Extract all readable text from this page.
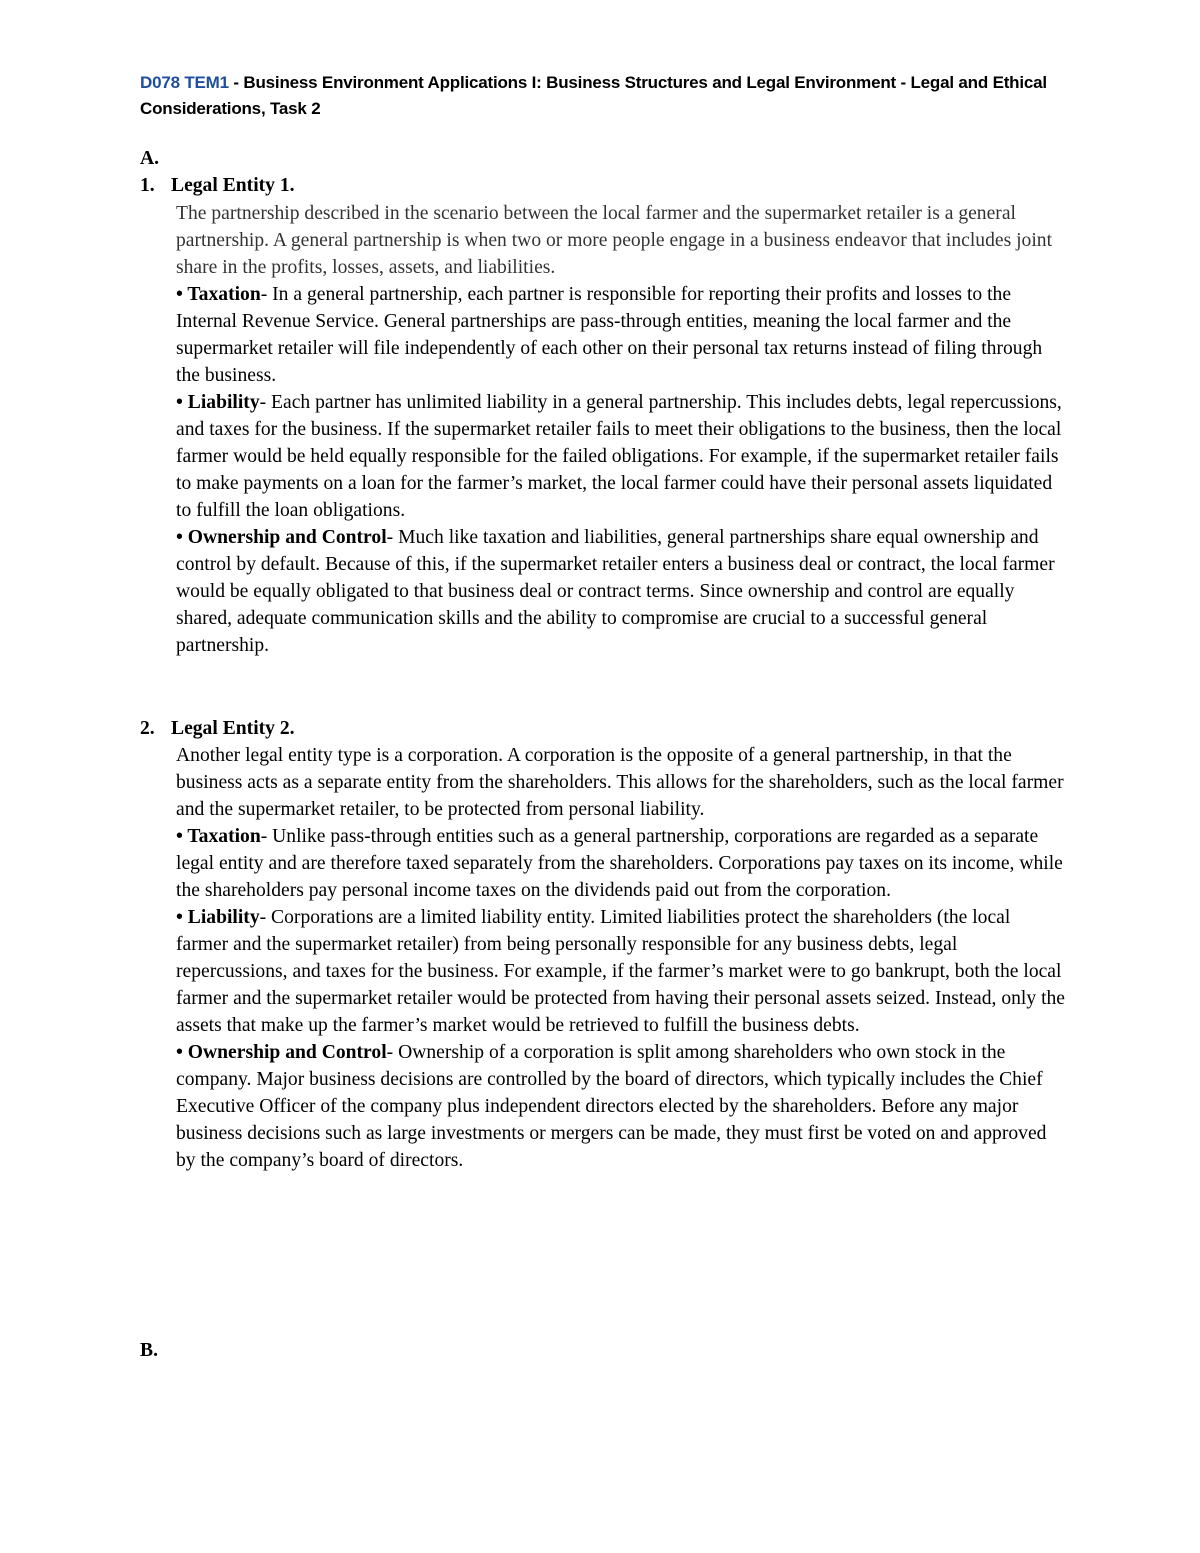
D078 TEM1 - Business Environment Applications I: Business Structures and Legal Environment - Legal and Ethical Considerations, Task 2
A.
1. Legal Entity 1.

The partnership described in the scenario between the local farmer and the supermarket retailer is a general partnership. A general partnership is when two or more people engage in a business endeavor that includes joint share in the profits, losses, assets, and liabilities.

• Taxation- In a general partnership, each partner is responsible for reporting their profits and losses to the Internal Revenue Service. General partnerships are pass-through entities, meaning the local farmer and the supermarket retailer will file independently of each other on their personal tax returns instead of filing through the business.

• Liability- Each partner has unlimited liability in a general partnership. This includes debts, legal repercussions, and taxes for the business. If the supermarket retailer fails to meet their obligations to the business, then the local farmer would be held equally responsible for the failed obligations. For example, if the supermarket retailer fails to make payments on a loan for the farmer’s market, the local farmer could have their personal assets liquidated to fulfill the loan obligations.

• Ownership and Control- Much like taxation and liabilities, general partnerships share equal ownership and control by default. Because of this, if the supermarket retailer enters a business deal or contract, the local farmer would be equally obligated to that business deal or contract terms. Since ownership and control are equally shared, adequate communication skills and the ability to compromise are crucial to a successful general partnership.

2. Legal Entity 2.

Another legal entity type is a corporation. A corporation is the opposite of a general partnership, in that the business acts as a separate entity from the shareholders. This allows for the shareholders, such as the local farmer and the supermarket retailer, to be protected from personal liability.

• Taxation- Unlike pass-through entities such as a general partnership, corporations are regarded as a separate legal entity and are therefore taxed separately from the shareholders. Corporations pay taxes on its income, while the shareholders pay personal income taxes on the dividends paid out from the corporation.

• Liability- Corporations are a limited liability entity. Limited liabilities protect the shareholders (the local farmer and the supermarket retailer) from being personally responsible for any business debts, legal repercussions, and taxes for the business. For example, if the farmer’s market were to go bankrupt, both the local farmer and the supermarket retailer would be protected from having their personal assets seized. Instead, only the assets that make up the farmer’s market would be retrieved to fulfill the business debts.

• Ownership and Control- Ownership of a corporation is split among shareholders who own stock in the company. Major business decisions are controlled by the board of directors, which typically includes the Chief Executive Officer of the company plus independent directors elected by the shareholders. Before any major business decisions such as large investments or mergers can be made, they must first be voted on and approved by the company’s board of directors.

B.
